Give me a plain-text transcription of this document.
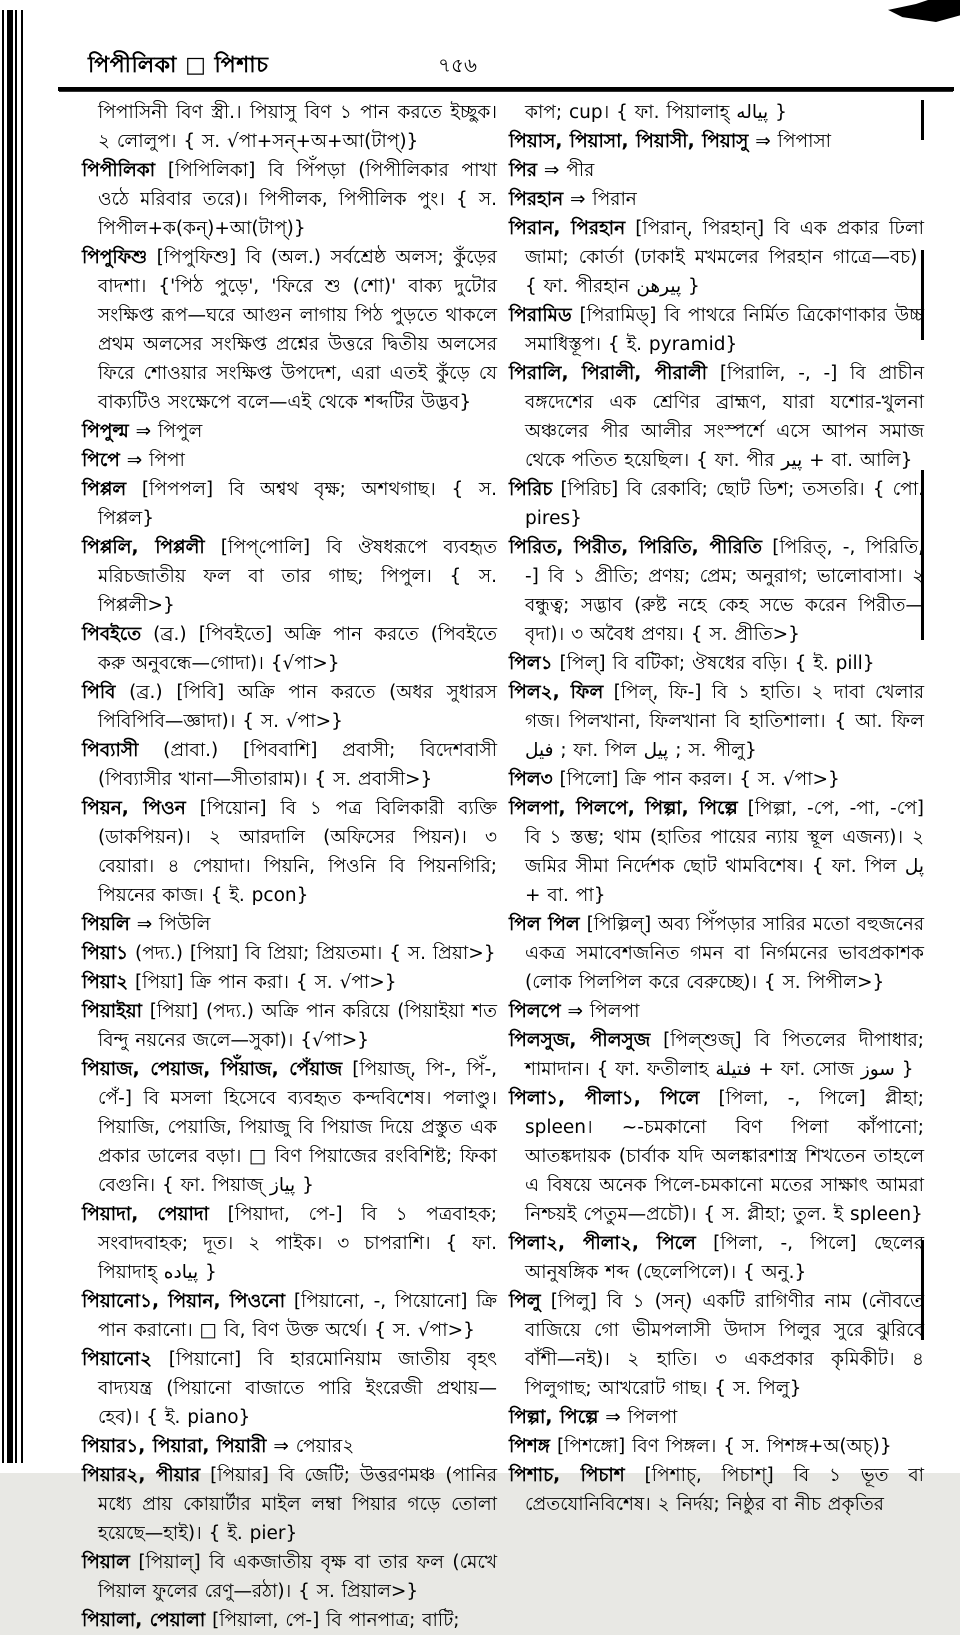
পিপীলিকা □ পিশাচ	৭৫৬

পিপাসিনী বিণ স্ত্রী.। পিয়াসু বিণ ১ পান করতে ইচ্ছুক। ২ লোলুপ। { স. √পা+সন্+অ+আ(টাপ্)}

পিপীলিকা [পিপিলিকা] বি পিঁপড়া (পিপীলিকার পাখা ওঠে মরিবার তরে)। পিপীলক, পিপীলিক পুং। { স. পিপীল+ক(কন্)+আ(টাপ্)}

পিপুফিশু [পিপুফিশু] বি (অল.) সর্বশ্রেষ্ঠ অলস; কুঁড়ের বাদশা। {'পিঠ পুড়ে', 'ফিরে শু (শো)' বাক্য দুটোর সংক্ষিপ্ত রূপ—ঘরে আগুন লাগায় পিঠ পুড়তে থাকলে প্রথম অলসের সংক্ষিপ্ত প্রশ্নের উত্তরে দ্বিতীয় অলসের ফিরে শোওয়ার সংক্ষিপ্ত উপদেশ, এরা এতই কুঁড়ে যে বাক্যটিও সংক্ষেপে বলে—এই থেকে শব্দটির উদ্ভব}

পিপুল্ম ⇒ পিপুল

পিপে ⇒ পিপা

পিপ্পল [পিপপল] বি অশ্বথ বৃক্ষ; অশথগাছ। { স. পিপ্পল}

পিপ্পলি, পিপ্পলী [পিপ্‌পোলি] বি ঔষধরূপে ব্যবহৃত মরিচজাতীয় ফল বা তার গাছ; পিপুল। { স. পিপ্পলী>}

পিবইতে (ব্র.) [পিবইতে] অক্রি পান করতে (পিবইতে করু অনুবন্ধে—গোদা)। {√পা>}

পিবি (ব্র.) [পিবি] অক্রি পান করতে (অধর সুধারস পিবিপিবি—জ্ঞাদা)। { স. √পা>}

পিব্যাসী (প্রাবা.) [পিববাশি] প্রবাসী; বিদেশবাসী (পিব্যাসীর খানা—সীতারাম)। { স. প্রবাসী>}

পিয়ন, পিওন [পিয়োন] বি ১ পত্র বিলিকারী ব্যক্তি (ডাকপিয়ন)। ২ আরদালি (অফিসের পিয়ন)। ৩ বেয়ারা। ৪ পেয়াদা। পিয়নি, পিওনি বি পিয়নগিরি; পিয়নের কাজ। { ই. pcon}

পিয়লি ⇒ পিউলি

পিয়া১ (পদ্য.) [পিয়া] বি প্রিয়া; প্রিয়তমা। { স. প্রিয়া>}

পিয়া২ [পিয়া] ক্রি পান করা। { স. √পা>}

পিয়াইয়া [পিয়া] (পদ্য.) অক্রি পান করিয়ে (পিয়াইয়া শত বিন্দু নয়নের জলে—সুকা)। {√পা>}

পিয়াজ, পেয়াজ, পিঁয়াজ, পেঁয়াজ [পিয়াজ্, পি-, পিঁ-, পেঁ-] বি মসলা হিসেবে ব্যবহৃত কন্দবিশেষ। পলাণ্ডু। পিয়াজি, পেয়াজি, পিয়াজু বি পিয়াজ দিয়ে প্রস্তুত এক প্রকার ডালের বড়া। □ বিণ পিয়াজের রংবিশিষ্ট; ফিকা বেগুনি। { ফা. পিয়াজ্ پياز }

পিয়াদা, পেয়াদা [পিয়াদা, পে-] বি ১ পত্রবাহক; সংবাদবাহক; দূত। ২ পাইক। ৩ চাপরাশি। { ফা. পিয়াদাহ্ پياده }

পিয়ানো১, পিয়ান, পিওনো [পিয়ানো, -, পিয়োনো] ক্রি পান করানো। □ বি, বিণ উক্ত অর্থে। { স. √পা>}

পিয়ানো২ [পিয়ানো] বি হারমোনিয়াম জাতীয় বৃহৎ বাদ্যযন্ত্র (পিয়ানো বাজাতে পারি ইংরেজী প্রথায়—হেব)। { ই. piano}

পিয়ার১, পিয়ারা, পিয়ারী ⇒ পেয়ার২

পিয়ার২, পীয়ার [পিয়ার] বি জেটি; উত্তরণমঞ্চ (পানির মধ্যে প্রায় কোয়ার্টার মাইল লম্বা পিয়ার গড়ে তোলা হয়েছে—হাই)। { ই. pier}

পিয়াল [পিয়াল্] বি একজাতীয় বৃক্ষ বা তার ফল (মেখে পিয়াল ফুলের রেণু—রঠা)। { স. প্রিয়াল>}

পিয়ালা, পেয়ালা [পিয়ালা, পে-] বি পানপাত্র; বাটি;

কাপ; cup। { ফা. পিয়ালাহ্ پياله }

পিয়াস, পিয়াসা, পিয়াসী, পিয়াসু ⇒ পিপাসা

পির ⇒ পীর

পিরহান ⇒ পিরান

পিরান, পিরহান [পিরান্, পিরহান্] বি এক প্রকার ঢিলা জামা; কোর্তা (ঢাকাই মখমলের পিরহান গাত্রে—বচ)। { ফা. পীরহান پيرهن }

পিরামিড [পিরামিড্] বি পাথরে নির্মিত ত্রিকোণাকার উচ্চ সমাধিস্তূপ। { ই. pyramid}

পিরালি, পিরালী, পীরালী [পিরালি, -, -] বি প্রাচীন বঙ্গদেশের এক শ্রেণির ব্রাহ্মণ, যারা যশোর-খুলনা অঞ্চলের পীর আলীর সংস্পর্শে এসে আপন সমাজ থেকে পতিত হয়েছিল। { ফা. পীর پير + বা. আলি}

পিরিচ [পিরিচ] বি রেকাবি; ছোট ডিশ; তসতরি। { পো. pires}

পিরিত, পিরীত, পিরিতি, পীরিতি [পিরিত্, -, পিরিতি, -] বি ১ প্রীতি; প্রণয়; প্রেম; অনুরাগ; ভালোবাসা। ২ বন্ধুত্ব; সদ্ভাব (রুষ্ট নহে কেহ সভে করেন পিরীত—বৃদা)। ৩ অবৈধ প্রণয়। { স. প্রীতি>}

পিল১ [পিল্] বি বটিকা; ঔষধের বড়ি। { ই. pill}

পিল২, ফিল [পিল্, ফি-] বি ১ হাতি। ২ দাবা খেলার গজ। পিলখানা, ফিলখানা বি হাতিশালা। { আ. ফিল فيل ; ফা. পিল پيل ; স. পীলু}

পিল৩ [পিলো] ক্রি পান করল। { স. √পা>}

পিলপা, পিলপে, পিল্পা, পিল্পে [পিল্পা, -পে, -পা, -পে] বি ১ স্তম্ভ; থাম (হাতির পায়ের ন্যায় স্থূল এজন্য)। ২ জমির সীমা নির্দেশক ছোট থামবিশেষ। { ফা. পিল پل + বা. পা}

পিল পিল [পিল্পিল্] অব্য পিঁপড়ার সারির মতো বহুজনের একত্র সমাবেশজনিত গমন বা নির্গমনের ভাবপ্রকাশক (লোক পিলপিল করে বেরুচ্ছে)। { স. পিপীল>}

পিলপে ⇒ পিলপা

পিলসুজ, পীলসুজ [পিল্শুজ্] বি পিতলের দীপাধার; শামাদান। { ফা. ফতীলাহ فتيلة + ফা. সোজ سوز }

পিলা১, পীলা১, পিলে [পিলা, -, পিলে] প্লীহা; spleen। ~-চমকানো বিণ পিলা কাঁপানো; আতঙ্কদায়ক (চার্বাক যদি অলঙ্কারশাস্ত্র শিখতেন তাহলে এ বিষয়ে অনেক পিলে-চমকানো মতের সাক্ষাৎ আমরা নিশ্চয়ই পেতুম—প্রচৌ)। { স. প্লীহা; তুল. ই spleen}

পিলা২, পীলা২, পিলে [পিলা, -, পিলে] ছেলের আনুষঙ্গিক শব্দ (ছেলেপিলে)। { অনু.}

পিলু [পিলু] বি ১ (সন্) একটি রাগিণীর নাম (নৌবতে বাজিয়ে গো ভীমপলাসী উদাস পিলুর সুরে ঝুরিবে বাঁশী—নই)। ২ হাতি। ৩ একপ্রকার কৃমিকীট। ৪ পিলুগাছ; আখরোট গাছ। { স. পিলু}

পিল্পা, পিল্পে ⇒ পিলপা

পিশঙ্গ [পিশঙ্গো] বিণ পিঙ্গল। { স. পিশঙ্গ+অ(অচ্)}

পিশাচ, পিচাশ [পিশাচ্, পিচাশ্] বি ১ ভূত বা প্রেতযোনিবিশেষ। ২ নির্দয়; নিষ্ঠুর বা নীচ প্রকৃতির
